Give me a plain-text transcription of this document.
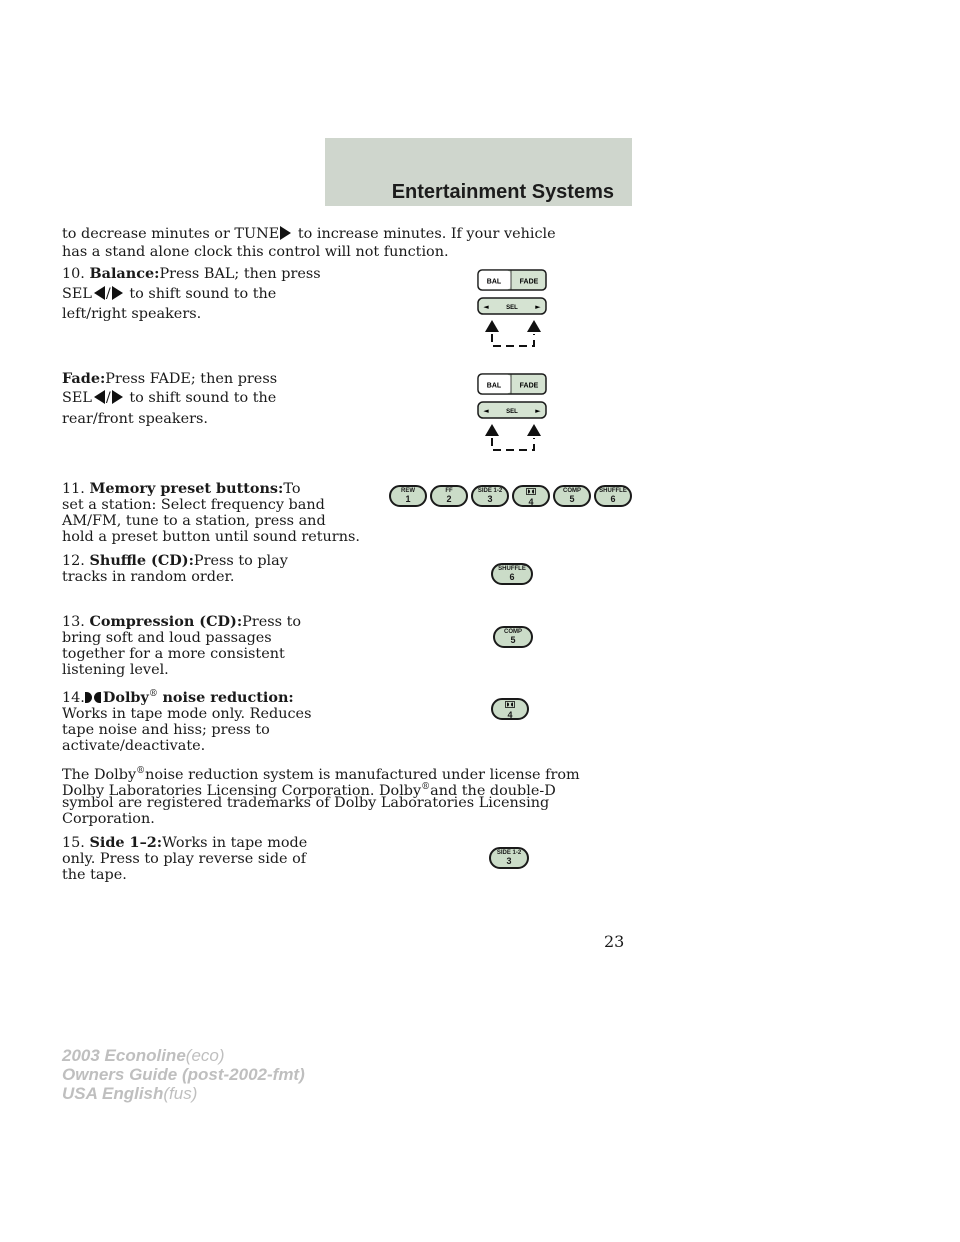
Entertainment Systems
to decrease minutes or TUNE to increase minutes. If your vehicle
has a stand alone clock this control will not function.
10. Balance:Press BAL; then press
SEL / to shift sound to the
left/right speakers.
BAL	FADE
◄	SEL ►
Fade:Press FADE; then press
SEL / to shift sound to the
rear/front speakers.
BAL	FADE
◄	SEL ►
11. Memory preset buttons:To
set a station: Select frequency band
AM/FM, tune to a station, press and
hold a preset button until sound returns.
REW
1
FF
2
SIDE 1-2
3	4
COMP
5
SHUFFLE
6
12. Shuffle (CD):Press to play
tracks in random order.	SHUFFLE
6
13. Compression (CD):Press to
bring soft and loud passages
together for a more consistent
listening level.
COMP
5
14. Dolby® noise reduction:
Works in tape mode only. Reduces
tape noise and hiss; press to
activate/deactivate.
4
The Dolby®noise reduction system is manufactured under license from
Dolby Laboratories Licensing Corporation. Dolby®and the double-D
symbol are registered trademarks of Dolby Laboratories Licensing
Corporation.
15. Side 1–2:Works in tape mode
only. Press to play reverse side of
the tape.
SIDE 1-2
3
23
2003 Econoline(eco)
Owners Guide (post-2002-fmt)
USA English(fus)
